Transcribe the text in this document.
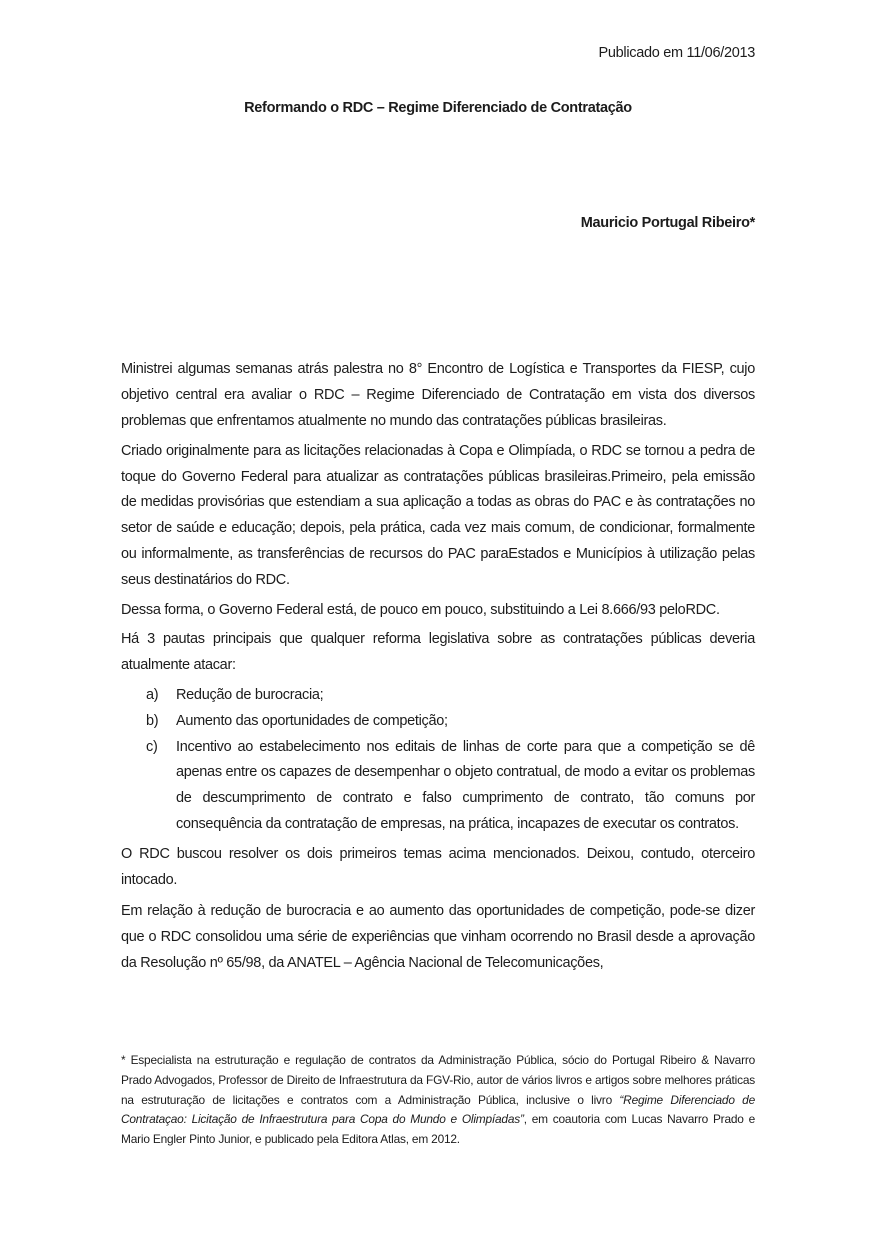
Publicado em 11/06/2013
Reformando o RDC – Regime Diferenciado de Contratação
Mauricio Portugal Ribeiro*

Ministrei algumas semanas atrás palestra no 8° Encontro de Logística e Transportes da FIESP, cujo objetivo central era avaliar o RDC – Regime Diferenciado de Contratação em vista dos diversos problemas que enfrentamos atualmente no mundo das contratações públicas brasileiras.

Criado originalmente para as licitações relacionadas à Copa e Olimpíada, o RDC se tornou a pedra de toque do Governo Federal para atualizar as contratações públicas brasileiras.Primeiro, pela emissão de medidas provisórias que estendiam a sua aplicação a todas as obras do PAC e às contratações no setor de saúde e educação; depois, pela prática, cada vez mais comum, de condicionar, formalmente ou informalmente, as transferências de recursos do PAC paraEstados e Municípios à utilização pelas seus destinatários do RDC.

Dessa forma, o Governo Federal está, de pouco em pouco, substituindo a Lei 8.666/93 peloRDC.

Há 3 pautas principais que qualquer reforma legislativa sobre as contratações públicas deveria atualmente atacar:

a)	Redução de burocracia;
b)	Aumento das oportunidades de competição;
c)	Incentivo ao estabelecimento nos editais de linhas de corte para que a competição se dê apenas entre os capazes de desempenhar o objeto contratual, de modo a evitar os problemas de descumprimento de contrato e falso cumprimento de contrato, tão comuns por consequência da contratação de empresas, na prática, incapazes de executar os contratos.

O RDC buscou resolver os dois primeiros temas acima mencionados. Deixou, contudo, oterceiro intocado.

Em relação à redução de burocracia e ao aumento das oportunidades de competição, pode-se dizer que o RDC consolidou uma série de experiências que vinham ocorrendo no Brasil desde a aprovação da Resolução nº 65/98, da ANATEL – Agência Nacional de Telecomunicações,

* Especialista na estruturação e regulação de contratos da Administração Pública, sócio do Portugal Ribeiro & Navarro Prado Advogados, Professor de Direito de Infraestrutura da FGV-Rio, autor de vários livros e artigos sobre melhores práticas na estruturação de licitações e contratos com a Administração Pública, inclusive o livro “Regime Diferenciado de Contrataçao: Licitação de Infraestrutura para Copa do Mundo e Olimpíadas”, em coautoria com Lucas Navarro Prado e Mario Engler Pinto Junior, e publicado pela Editora Atlas, em 2012.
